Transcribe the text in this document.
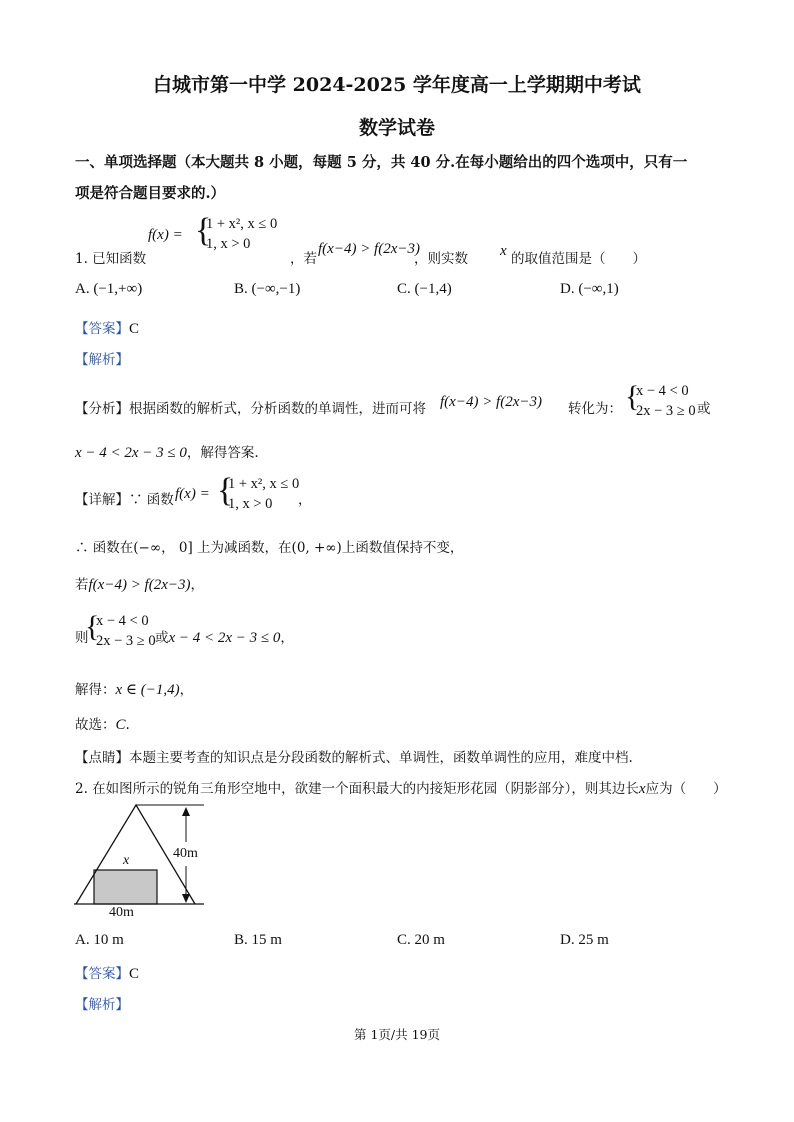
白城市第一中学 2024-2025 学年度高一上学期期中考试
数学试卷
一、单项选择题（本大题共 8 小题，每题 5 分，共 40 分.在每小题给出的四个选项中，只有一
项是符合题目要求的.）
1. 已知函数
f(x) = {
1 + x², x ≤ 0
1, x > 0
，若
f(x−4) > f(2x−3)
，则实数 x 的取值范围是（　　）
A. (−1,+∞)	B. (−∞,−1)	C. (−1,4)	D. (−∞,1)
【答案】C
【解析】
【分析】根据函数的解析式，分析函数的单调性，进而可将 f(x−4) > f(2x−3) 转化为： {
x − 4 < 0
2x − 3 ≥ 0 或
x − 4 < 2x − 3 ≤ 0，解得答案.
【详解】∵ 函数 f(x) = {
1 + x², x ≤ 0
1, x > 0	，
∴ 函数在(−∞， 0] 上为减函数，在(0, +∞)上函数值保持不变，
若f(x−4) > f(2x−3)，
则
{
x − 4 < 0
2x − 3 ≥ 0 或x − 4 < 2x − 3 ≤ 0，
解得：x ∈ (−1,4)，
故选：C.
【点睛】本题主要考查的知识点是分段函数的解析式、单调性，函数单调性的应用，难度中档.
2. 在如图所示的锐角三角形空地中，欲建一个面积最大的内接矩形花园（阴影部分），则其边长x应为（　　）
x	40m
40m
A. 10 m	B. 15 m	C. 20 m	D. 25 m
【答案】C
【解析】
第 1页/共 19页
